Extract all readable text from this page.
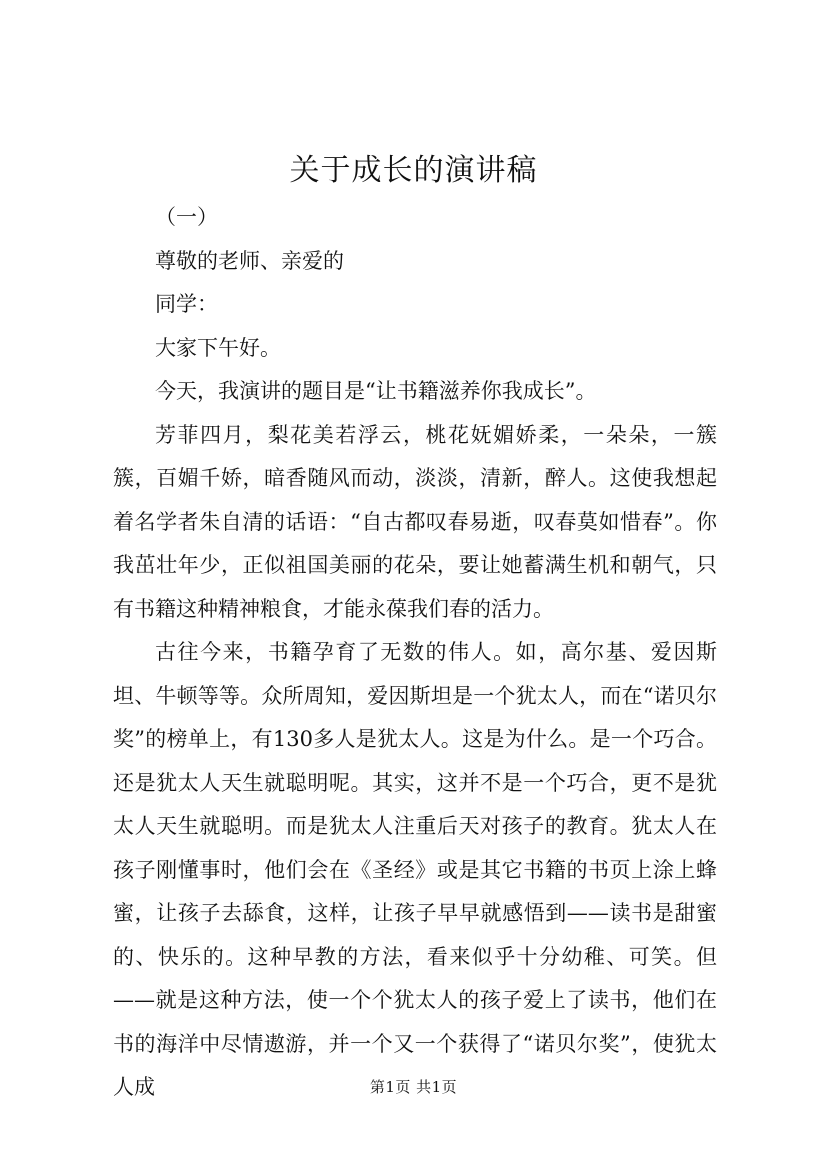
关于成长的演讲稿

（一）

尊敬的老师、亲爱的

同学：

大家下午好。

今天，我演讲的题目是“让书籍滋养你我成长”。

芳菲四月，梨花美若浮云，桃花妩媚娇柔，一朵朵，一簇簇，百媚千娇，暗香随风而动，淡淡，清新，醉人。这使我想起着名学者朱自清的话语：“自古都叹春易逝，叹春莫如惜春”。你我茁壮年少，正似祖国美丽的花朵，要让她蓄满生机和朝气，只有书籍这种精神粮食，才能永葆我们春的活力。

古往今来，书籍孕育了无数的伟人。如，高尔基、爱因斯坦、牛顿等等。众所周知，爱因斯坦是一个犹太人，而在“诺贝尔奖”的榜单上，有130多人是犹太人。这是为什么。是一个巧合。还是犹太人天生就聪明呢。其实，这并不是一个巧合，更不是犹太人天生就聪明。而是犹太人注重后天对孩子的教育。犹太人在孩子刚懂事时，他们会在《圣经》或是其它书籍的书页上涂上蜂蜜，让孩子去舔食，这样，让孩子早早就感悟到——读书是甜蜜的、快乐的。这种早教的方法，看来似乎十分幼稚、可笑。但——就是这种方法，使一个个犹太人的孩子爱上了读书，他们在书的海洋中尽情遨游，并一个又一个获得了“诺贝尔奖”，使犹太人成	第1页 共1页
